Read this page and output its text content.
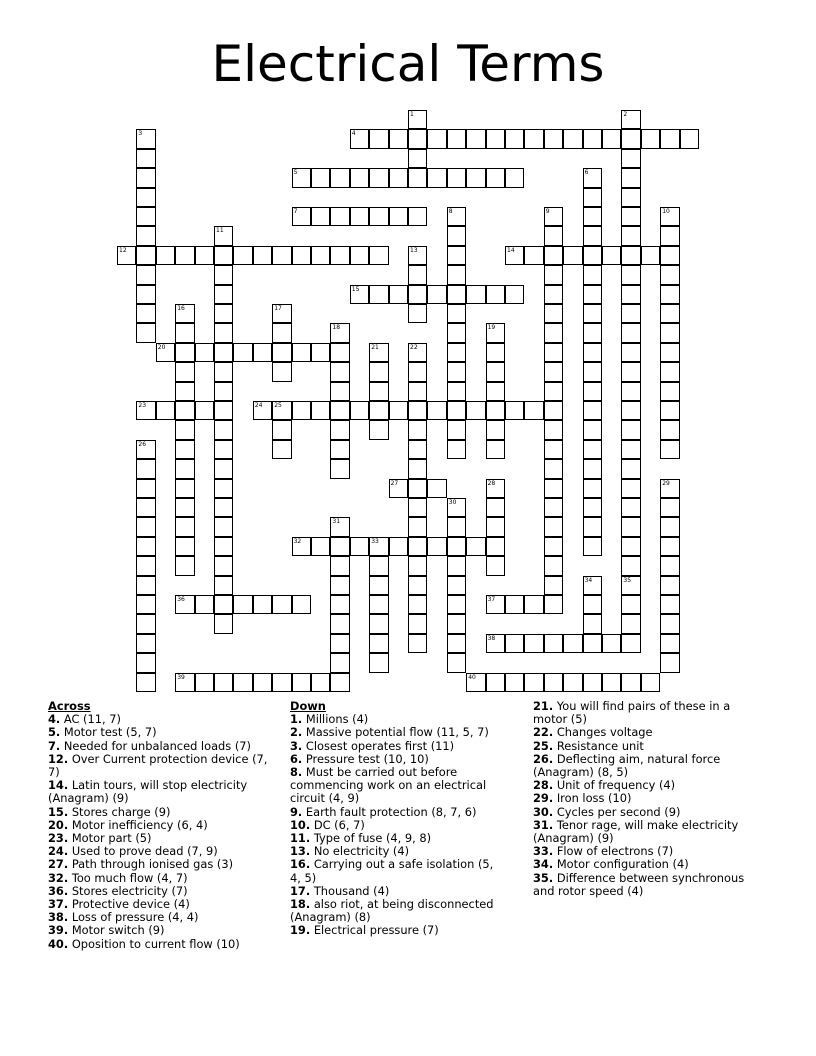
Electrical Terms
1	2
35
3	4
5	6
7	8	9	10
11
12	13	14
15
16	17
18	19
20	21	22
23	24 25
26
27	28	29
30
31
32	33
34
36	37
38
39	40
Across
4. AC (11, 7)
5. Motor test (5, 7)
7. Needed for unbalanced loads (7)
12. Over Current protection device (7, 7)
14. Latin tours, will stop electricity (Anagram) (9)
15. Stores charge (9)
20. Motor inefficiency (6, 4)
23. Motor part (5)
24. Used to prove dead (7, 9)
27. Path through ionised gas (3)
32. Too much flow (4, 7)
36. Stores electricity (7)
37. Protective device (4)
38. Loss of pressure (4, 4)
39. Motor switch (9)
40. Oposition to current flow (10)
Down
1. Millions (4)
2. Massive potential flow (11, 5, 7)
3. Closest operates first (11)
6. Pressure test (10, 10)
8. Must be carried out before commencing work on an electrical circuit (4, 9)
9. Earth fault protection (8, 7, 6)
10. DC (6, 7)
11. Type of fuse (4, 9, 8)
13. No electricity (4)
16. Carrying out a safe isolation (5, 4, 5)
17. Thousand (4)
18. also riot, at being disconnected (Anagram) (8)
19. Electrical pressure (7)
21. You will find pairs of these in a motor (5)
22. Changes voltage
25. Resistance unit
26. Deflecting aim, natural force (Anagram) (8, 5)
28. Unit of frequency (4)
29. Iron loss (10)
30. Cycles per second (9)
31. Tenor rage, will make electricity (Anagram) (9)
33. Flow of electrons (7)
34. Motor configuration (4)
35. Difference between synchronous and rotor speed (4)
